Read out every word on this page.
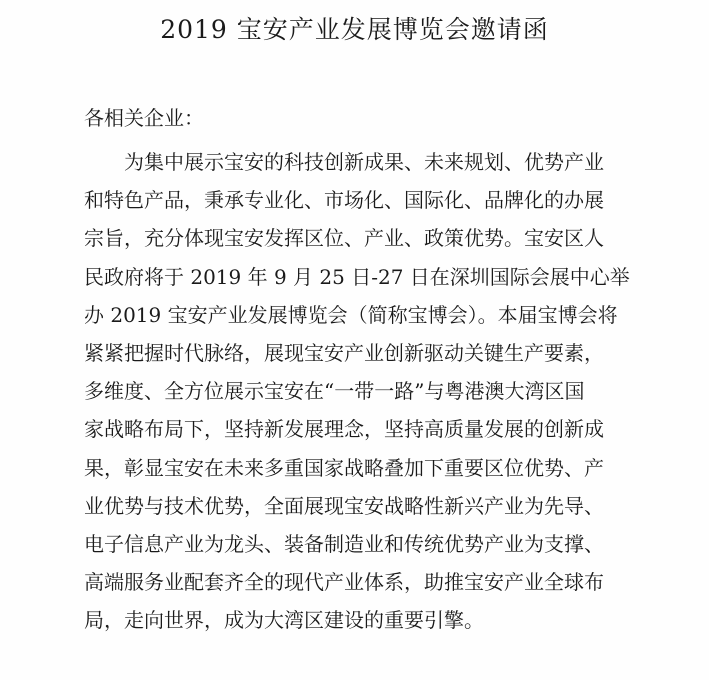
2019 宝安产业发展博览会邀请函
各相关企业：
为集中展示宝安的科技创新成果、未来规划、优势产业
和特色产品，秉承专业化、市场化、国际化、品牌化的办展
宗旨，充分体现宝安发挥区位、产业、政策优势。宝安区人
民政府将于 2019 年 9 月 25 日-27 日在深圳国际会展中心举
办 2019 宝安产业发展博览会（简称宝博会）。本届宝博会将
紧紧把握时代脉络，展现宝安产业创新驱动关键生产要素，
多维度、全方位展示宝安在“一带一路”与粤港澳大湾区国
家战略布局下，坚持新发展理念，坚持高质量发展的创新成
果，彰显宝安在未来多重国家战略叠加下重要区位优势、产
业优势与技术优势，全面展现宝安战略性新兴产业为先导、
电子信息产业为龙头、装备制造业和传统优势产业为支撑、
高端服务业配套齐全的现代产业体系，助推宝安产业全球布
局，走向世界，成为大湾区建设的重要引擎。
